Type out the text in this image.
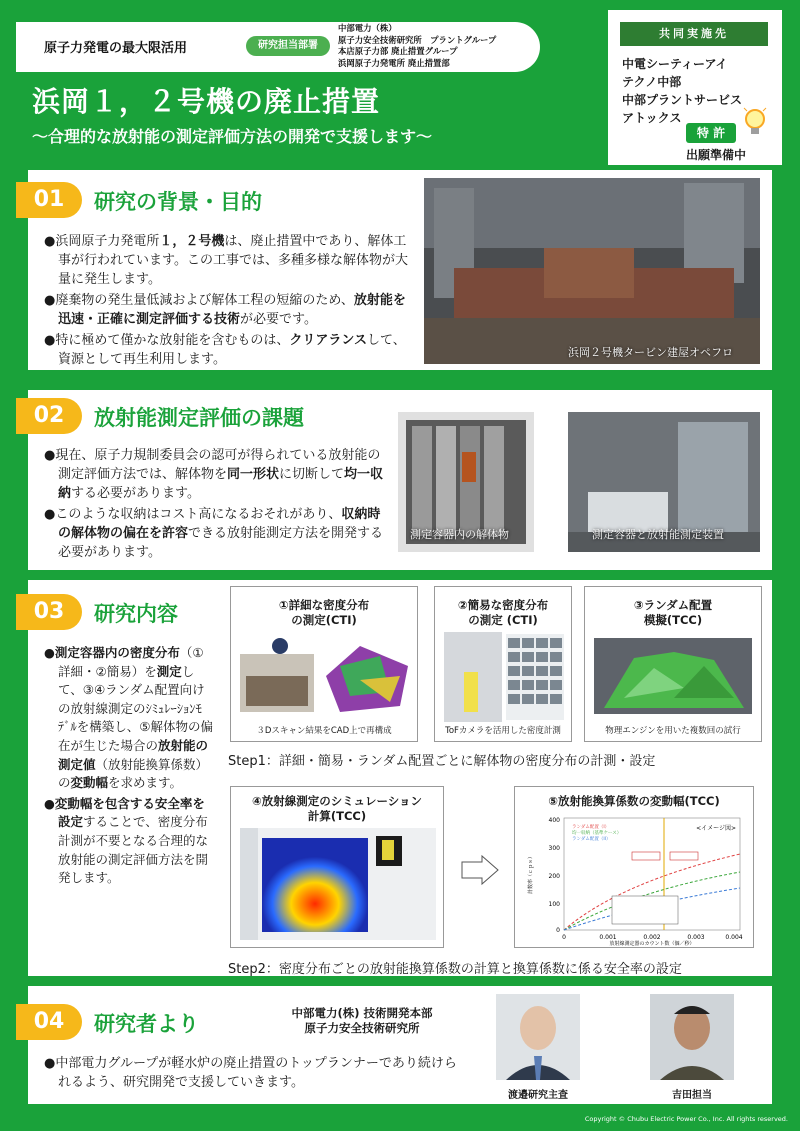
原子力発電の最大限活用	研究担当部署
中部電力（株）
原子力安全技術研究所　プラントグループ
本店原子力部 廃止措置グループ
浜岡原子力発電所 廃止措置部
浜岡１，２号機の廃止措置
～合理的な放射能の測定評価方法の開発で支援します～
共同実施先
中電シーティーアイ
テクノ中部
中部プラントサービス
アトックス
特 許
出願準備中
01	研究の背景・目的

●浜岡原子力発電所１，２号機は、廃止措置中であり、解体工事が行われています。この工事では、多種多様な解体物が大量に発生します。

●廃棄物の発生量低減および解体工程の短縮のため、放射能を迅速・正確に測定評価する技術が必要です。

●特に極めて僅かな放射能を含むものは、クリアランスして、資源として再生利用します。	浜岡２号機タービン建屋オペフロ
02	放射能測定評価の課題

●現在、原子力規制委員会の認可が得られている放射能の測定評価方法では、解体物を同一形状に切断して均一収納する必要があります。

●このような収納はコスト高になるおそれがあり、収納時の解体物の偏在を許容できる放射能測定方法を開発する必要があります。

測定容器内の解体物	測定容器と放射能測定装置
03	研究内容

●測定容器内の密度分布（①詳細・②簡易）を測定して、③④ランダム配置向けの放射線測定のｼﾐｭﾚｰｼｮﾝﾓﾃﾞﾙを構築し、⑤解体物の偏在が生じた場合の放射能の測定値（放射能換算係数）の変動幅を求めます。

●変動幅を包含する安全率を設定することで、密度分布計測が不要となる合理的な放射能の測定評価方法を開発します。

①詳細な密度分布
の測定(CTI)
３Dスキャン結果をCAD上で再構成
②簡易な密度分布
の測定 (CTI)
ToFカメラを活用した密度計測
③ランダム配置
模擬(TCC)
物理エンジンを用いた複数回の試行
Step1：詳細・簡易・ランダム配置ごとに解体物の密度分布の計測・設定
④放射線測定のシミュレーション
計算(TCC)
⑤放射能換算係数の変動幅(TCC)
400
300
200
100
0
0	0.001	0.002	0.003	0.004
放射線測定器のカウント数（個／秒）
計数率（ｃｐｓ）
<イメージ図>
ランダム配置（I）
均一収納（基準ケース）
ランダム配置（II）
Step2：密度分布ごとの放射能換算係数の計算と換算係数に係る安全率の設定
04	研究者より	中部電力(株) 技術開発本部
原子力安全技術研究所

●中部電力グループが軽水炉の廃止措置のトップランナーであり続けられるよう、研究開発で支援していきます。

渡邉研究主査	吉田担当
Copyright © Chubu Electric Power Co., Inc. All rights reserved.
